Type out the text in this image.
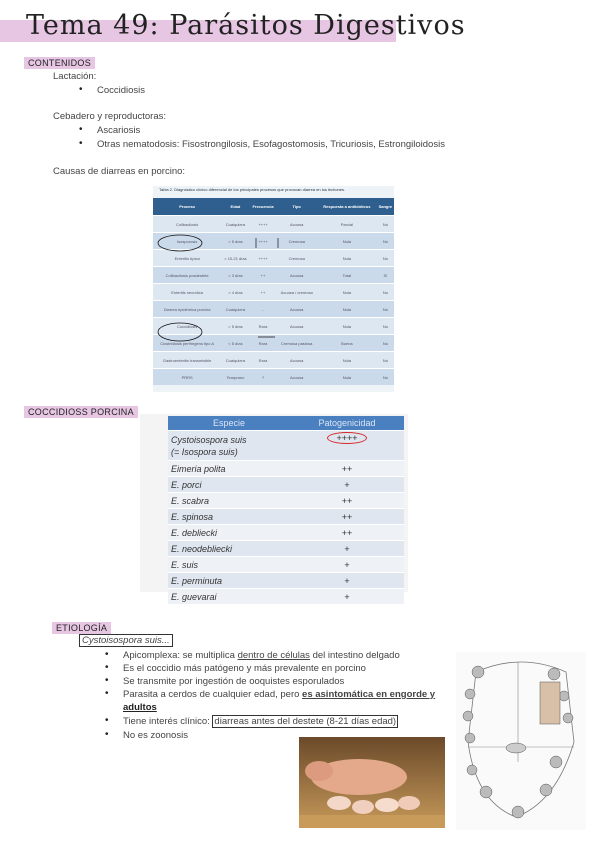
Tema 49: Parásitos Digestivos
CONTENIDOS
Lactación:
• Coccidiosis
Cebadero y reproductoras:
• Ascariosis
• Otras nematodosis: Fisostrongilosis, Esofagostomosis, Tricuriosis, Estrongiloidosis
Causas de diarreas en porcino:
Tabla 2. Diagnóstico clínico diferencial de los principales procesos que provocan diarrea en los lechones.
Proceso	Edad	Frecuencia	Tipo	Respuesta a antibióticos	Sangre
Colibacilosis	Cualquiera	++++	Acuosa	Parcial	No
Isosporosis	> 5 días	++++	Cremosa	Nula	No
Enteritis típica	> 10-21 días	++++	Cremosa	Nula	No
Colibacilosis posdestete	> 3 días	++	Acuosa	Total	Sí
Enteritis necrótica	> 4 días	++	Acuosa / cremosa	Nula	No
Diarrea epidémica porcina	Cualquiera	-	Acuosa	Nula	No
Coccidiosis	> 5 días	Rara	Acuosa	Nula	No
Clostridiosis perfringens tipo A	< 5 días	Rara	Cremosa pastosa	Buena	No
Gastroenteritis transmisible	Cualquiera	Rara	Acuosa	Nula	No
PRRS	Temprano	?	Acuosa	Nula	No
COCCIDIOSS PORCINA
Especie	Patogenicidad

Cystoisospora suis
(= Isospora suis)	++++
Eimeria polita	++
E. porci	+
E. scabra	++
E. spinosa	++
E. debliecki	++
E. neodebliecki	+
E. suis	+
E. perminuta	+
E. guevarai	+
ETIOLOGÍA
Cystoisospora suis...
• Apicomplexa: se multiplica dentro de células del intestino delgado
• Es el coccidio más patógeno y más prevalente en porcino
• Se transmite por ingestión de ooquistes esporulados
• Parasita a cerdos de cualquier edad, pero es asintomática en engorde y
adultos
• Tiene interés clínico: diarreas antes del destete (8-21 días edad)
• No es zoonosis
